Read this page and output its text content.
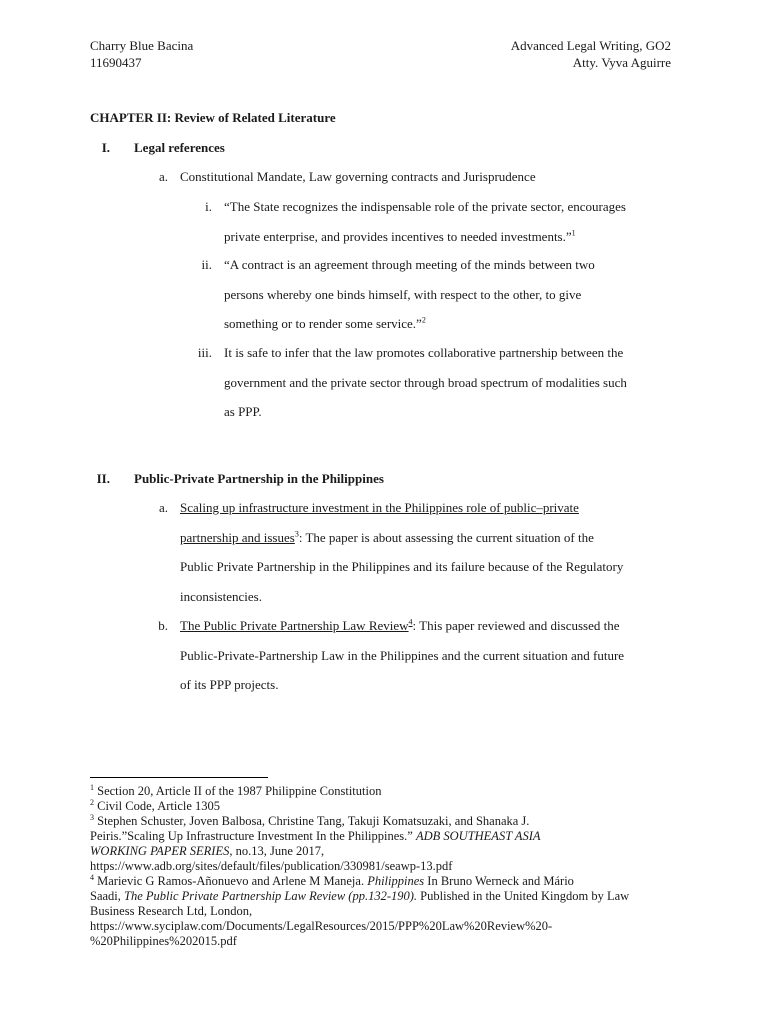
Charry Blue Bacina
11690437
Advanced Legal Writing, GO2
Atty. Vyva Aguirre
CHAPTER II: Review of Related Literature
I. Legal references
a. Constitutional Mandate, Law governing contracts and Jurisprudence
i. “The State recognizes the indispensable role of the private sector, encourages
private enterprise, and provides incentives to needed investments.”$^1$
ii. “A contract is an agreement through meeting of the minds between two
persons whereby one binds himself, with respect to the other, to give
something or to render some service.”$^2$
iii. It is safe to infer that the law promotes collaborative partnership between the
government and the private sector through broad spectrum of modalities such
as PPP.
II. Public-Private Partnership in the Philippines
a. Scaling up infrastructure investment in the Philippines role of public–private
partnership and issues$^3$: The paper is about assessing the current situation of the
Public Private Partnership in the Philippines and its failure because of the Regulatory
inconsistencies.
b. The Public Private Partnership Law Review$^4$: This paper reviewed and discussed the
Public-Private-Partnership Law in the Philippines and the current situation and future
of its PPP projects.
$^1$ Section 20, Article II of the 1987 Philippine Constitution
$^2$ Civil Code, Article 1305
$^3$ Stephen Schuster, Joven Balbosa, Christine Tang, Takuji Komatsuzaki, and Shanaka J.
Peiris.”Scaling Up Infrastructure Investment In the Philippines.” ADB SOUTHEAST ASIA
WORKING PAPER SERIES, no.13, June 2017,
https://www.adb.org/sites/default/files/publication/330981/seawp-13.pdf
$^4$ Marievic G Ramos-Añonuevo and Arlene M Maneja. Philippines In Bruno Werneck and Mário
Saadi, The Public Private Partnership Law Review (pp.132-190). Published in the United Kingdom by Law
Business Research Ltd, London,
https://www.syciplaw.com/Documents/LegalResources/2015/PPP%20Law%20Review%20-
%20Philippines%202015.pdf
